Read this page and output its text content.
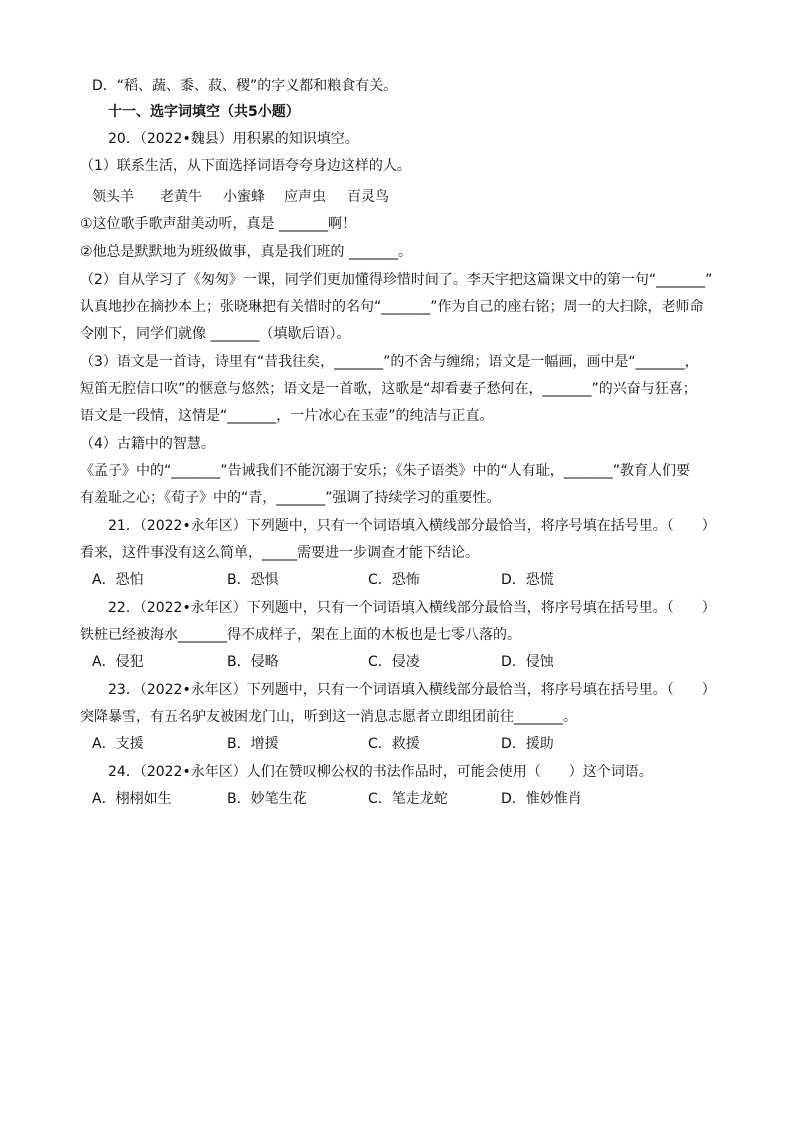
D．“稻、蔬、黍、菽、稷”的字义都和粮食有关。
十一、选字词填空（共5小题）
20．（2022•魏县）用积累的知识填空。
（1）联系生活，从下面选择词语夸夸身边这样的人。
领头羊 老黄牛 小蜜蜂 应声虫 百灵鸟
①这位歌手歌声甜美动听，真是 _______啊！
②他总是默默地为班级做事，真是我们班的 _______。
（2）自从学习了《匆匆》一课，同学们更加懂得珍惜时间了。李天宇把这篇课文中的第一句“_______”
认真地抄在摘抄本上；张晓琳把有关惜时的名句“_______”作为自己的座右铭；周一的大扫除，老师命
令刚下，同学们就像 _______（填歇后语）。
（3）语文是一首诗，诗里有“昔我往矣，_______”的不舍与缠绵；语文是一幅画，画中是“_______，
短笛无腔信口吹”的惬意与悠然；语文是一首歌，这歌是“却看妻子愁何在，_______”的兴奋与狂喜；
语文是一段情，这情是“_______，一片冰心在玉壶”的纯洁与正直。
（4）古籍中的智慧。
《孟子》中的“_______”告诫我们不能沉溺于安乐；《朱子语类》中的“人有耻，_______”教育人们要
有羞耻之心；《荀子》中的“青，_______”强调了持续学习的重要性。
21．（2022•永年区）下列题中，只有一个词语填入横线部分最恰当，将序号填在括号里。（　　）
看来，这件事没有这么简单，_____需要进一步调查才能下结论。
A．恐怕	B．恐惧	C．恐怖	D．恐慌
22．（2022•永年区）下列题中，只有一个词语填入横线部分最恰当，将序号填在括号里。（　　）
铁桩已经被海水_______得不成样子，架在上面的木板也是七零八落的。
A．侵犯	B．侵略	C．侵凌	D．侵蚀
23．（2022•永年区）下列题中，只有一个词语填入横线部分最恰当，将序号填在括号里。（　　）
突降暴雪，有五名驴友被困龙门山，听到这一消息志愿者立即组团前往_______。
A．支援	B．增援	C．救援	D．援助
24．（2022•永年区）人们在赞叹柳公权的书法作品时，可能会使用（　　）这个词语。
A．栩栩如生	B．妙笔生花	C．笔走龙蛇	D．惟妙惟肖
